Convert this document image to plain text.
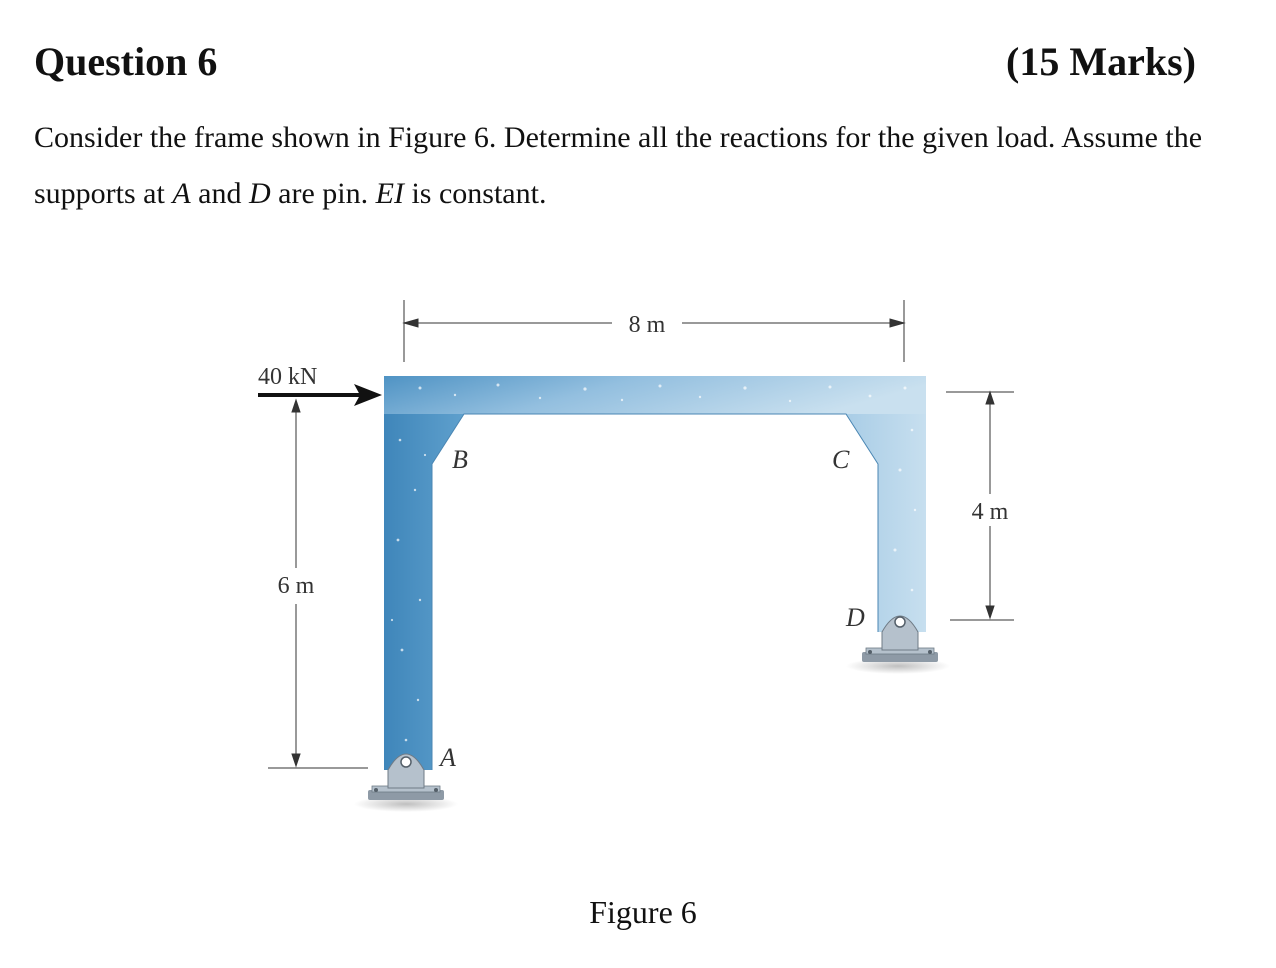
Question 6	(15 Marks)

Consider the frame shown in Figure 6. Determine all the reactions for the given load. Assume the supports at A and D are pin. EI is constant.

40 kN
8 m
6 m
4 m
B	C
A
D
Figure 6
